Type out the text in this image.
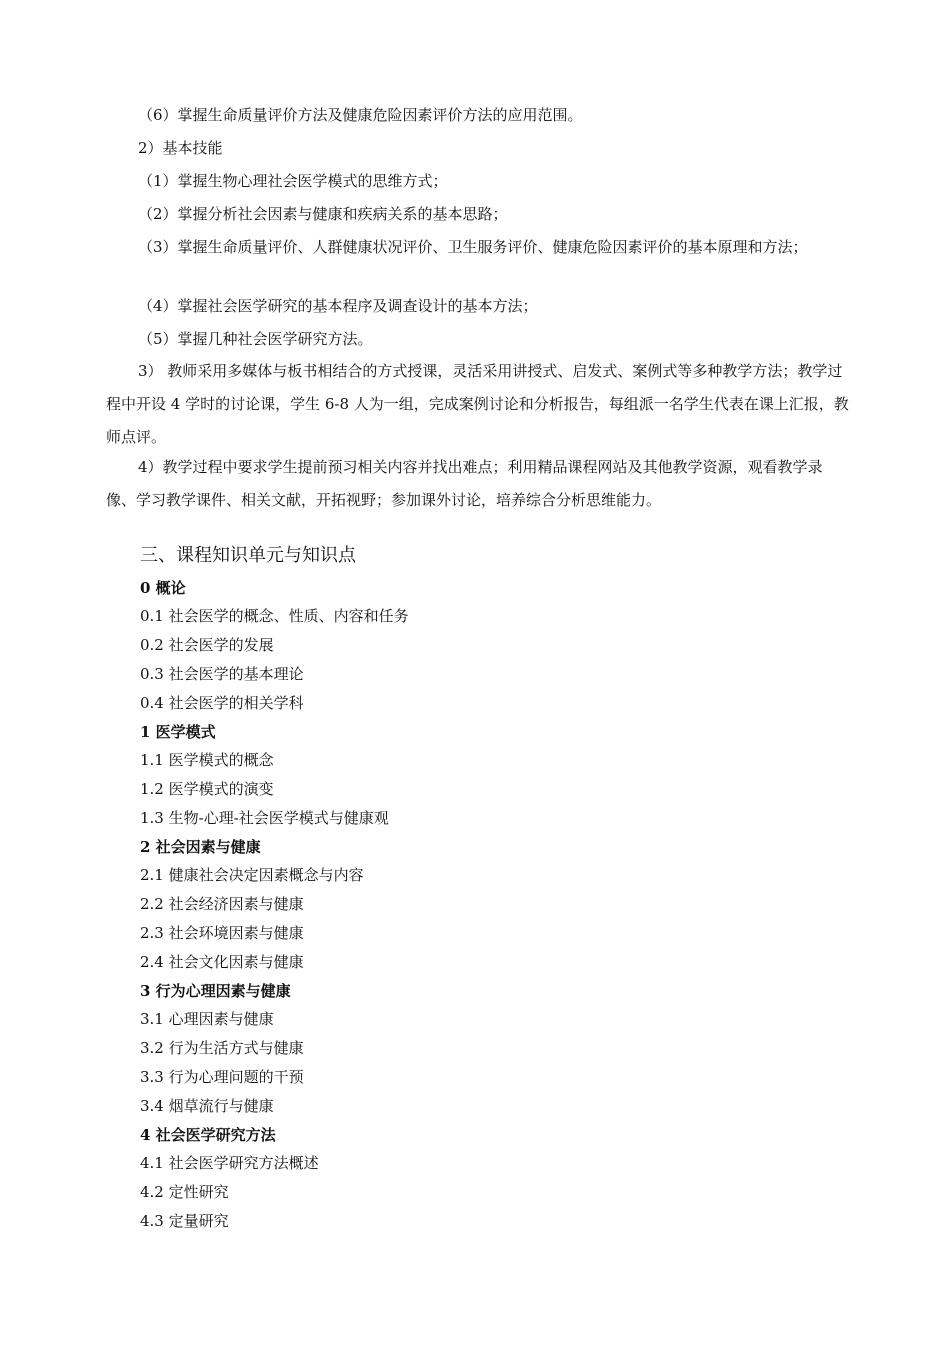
（6）掌握生命质量评价方法及健康危险因素评价方法的应用范围。
2）基本技能
（1）掌握生物心理社会医学模式的思维方式；
（2）掌握分析社会因素与健康和疾病关系的基本思路；
（3）掌握生命质量评价、人群健康状况评价、卫生服务评价、健康危险因素评价的基本原理和方法；
（4）掌握社会医学研究的基本程序及调查设计的基本方法；
（5）掌握几种社会医学研究方法。
3） 教师采用多媒体与板书相结合的方式授课，灵活采用讲授式、启发式、案例式等多种教学方法；教学过程中开设 4 学时的讨论课，学生 6-8 人为一组，完成案例讨论和分析报告，每组派一名学生代表在课上汇报，教师点评。
4）教学过程中要求学生提前预习相关内容并找出难点；利用精品课程网站及其他教学资源，观看教学录像、学习教学课件、相关文献，开拓视野；参加课外讨论，培养综合分析思维能力。
三、课程知识单元与知识点
0 概论
0.1 社会医学的概念、性质、内容和任务
0.2 社会医学的发展
0.3 社会医学的基本理论
0.4 社会医学的相关学科
1 医学模式
1.1 医学模式的概念
1.2 医学模式的演变
1.3 生物-心理-社会医学模式与健康观
2 社会因素与健康
2.1 健康社会决定因素概念与内容
2.2 社会经济因素与健康
2.3 社会环境因素与健康
2.4 社会文化因素与健康
3 行为心理因素与健康
3.1 心理因素与健康
3.2 行为生活方式与健康
3.3 行为心理问题的干预
3.4 烟草流行与健康
4 社会医学研究方法
4.1 社会医学研究方法概述
4.2 定性研究
4.3 定量研究
